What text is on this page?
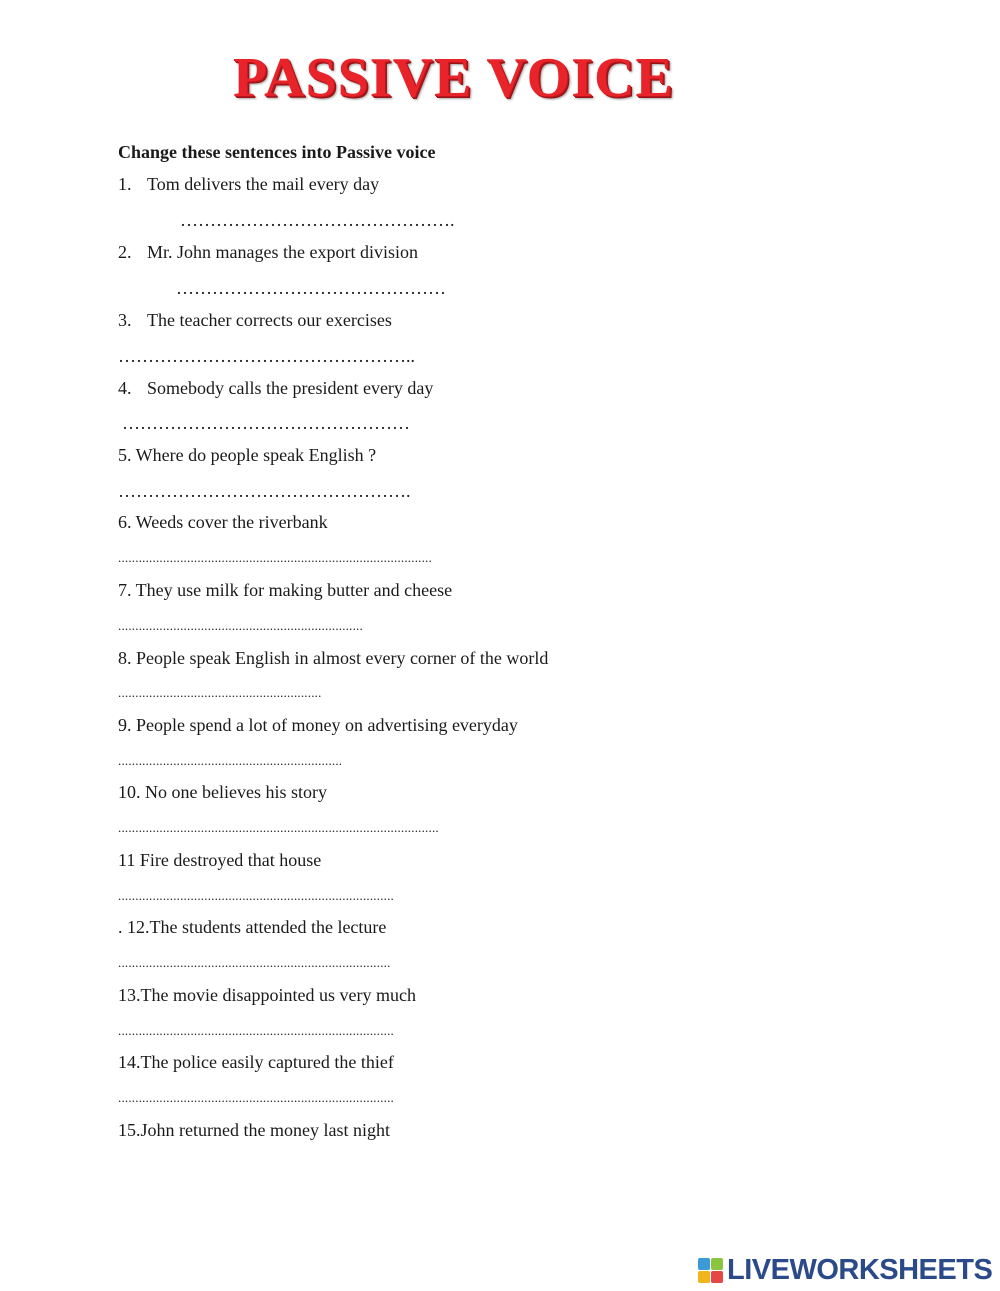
PASSIVE VOICE
Change these sentences into Passive voice
1. Tom delivers the mail every day
……………………………………….
2. Mr. John manages the export division
………………………………………
3. The teacher corrects our exercises
…………………………………………..
4. Somebody calls the president every day
…………………………………………
5. Where do people speak English ?
………………………………………….
6. Weeds cover the riverbank
...........................................................................................
7. They use milk for making butter and cheese
.......................................................................
8. People speak English in almost every corner of the world
...........................................................
9. People spend a lot of money on advertising everyday
.................................................................
10. No one believes his story
.............................................................................................
11 Fire destroyed that house
................................................................................
. 12.The students attended the lecture
...............................................................................
13.The movie disappointed us very much
................................................................................
14.The police easily captured the thief
................................................................................
15.John returned the money last night
LIVEWORKSHEETS
